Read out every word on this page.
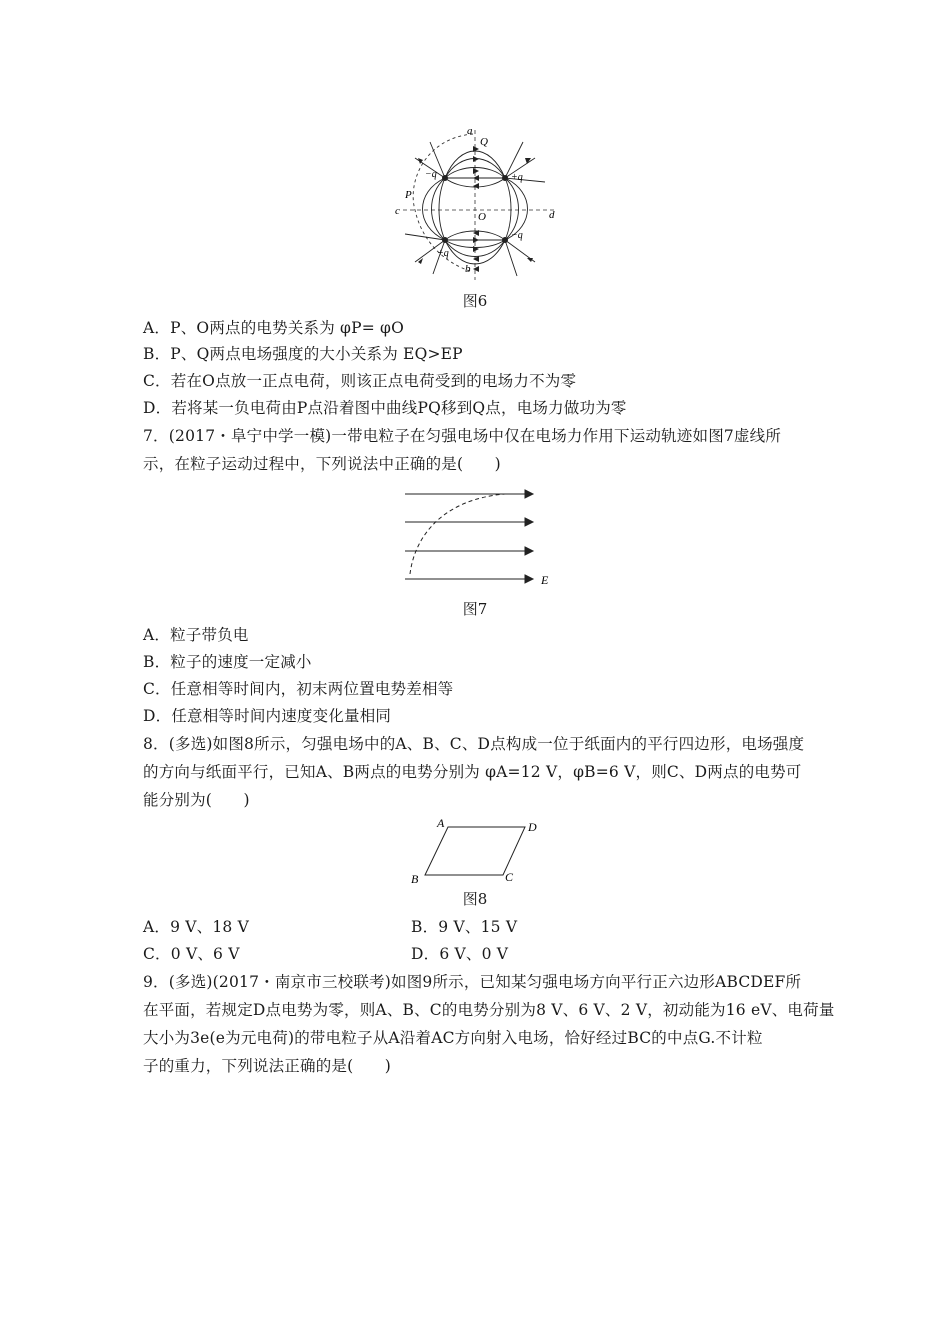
a
Q
−q	+q
P
c	O	d
−q
+q
b
图6
A．P、O两点的电势关系为 φP= φO
B．P、Q两点电场强度的大小关系为 EQ>EP
C．若在O点放一正点电荷，则该正点电荷受到的电场力不为零
D．若将某一负电荷由P点沿着图中曲线PQ移到Q点，电场力做功为零
7．(2017・阜宁中学一模)一带电粒子在匀强电场中仅在电场力作用下运动轨迹如图7虚线所
示，在粒子运动过程中，下列说法中正确的是(　　)
E
图7
A．粒子带负电
B．粒子的速度一定减小
C．任意相等时间内，初末两位置电势差相等
D．任意相等时间内速度变化量相同
8．(多选)如图8所示，匀强电场中的A、B、C、D点构成一位于纸面内的平行四边形，电场强度
的方向与纸面平行，已知A、B两点的电势分别为 φA=12 V，φB=6 V，则C、D两点的电势可
能分别为(　　)
A	D
B	C
图8
A．9 V、18 V	B．9 V、15 V
C．0 V、6 V	D．6 V、0 V
9．(多选)(2017・南京市三校联考)如图9所示，已知某匀强电场方向平行正六边形ABCDEF所
在平面，若规定D点电势为零，则A、B、C的电势分别为8 V、6 V、2 V，初动能为16 eV、电荷量
大小为3e(e为元电荷)的带电粒子从A沿着AC方向射入电场，恰好经过BC的中点G.不计粒
子的重力，下列说法正确的是(　　)
